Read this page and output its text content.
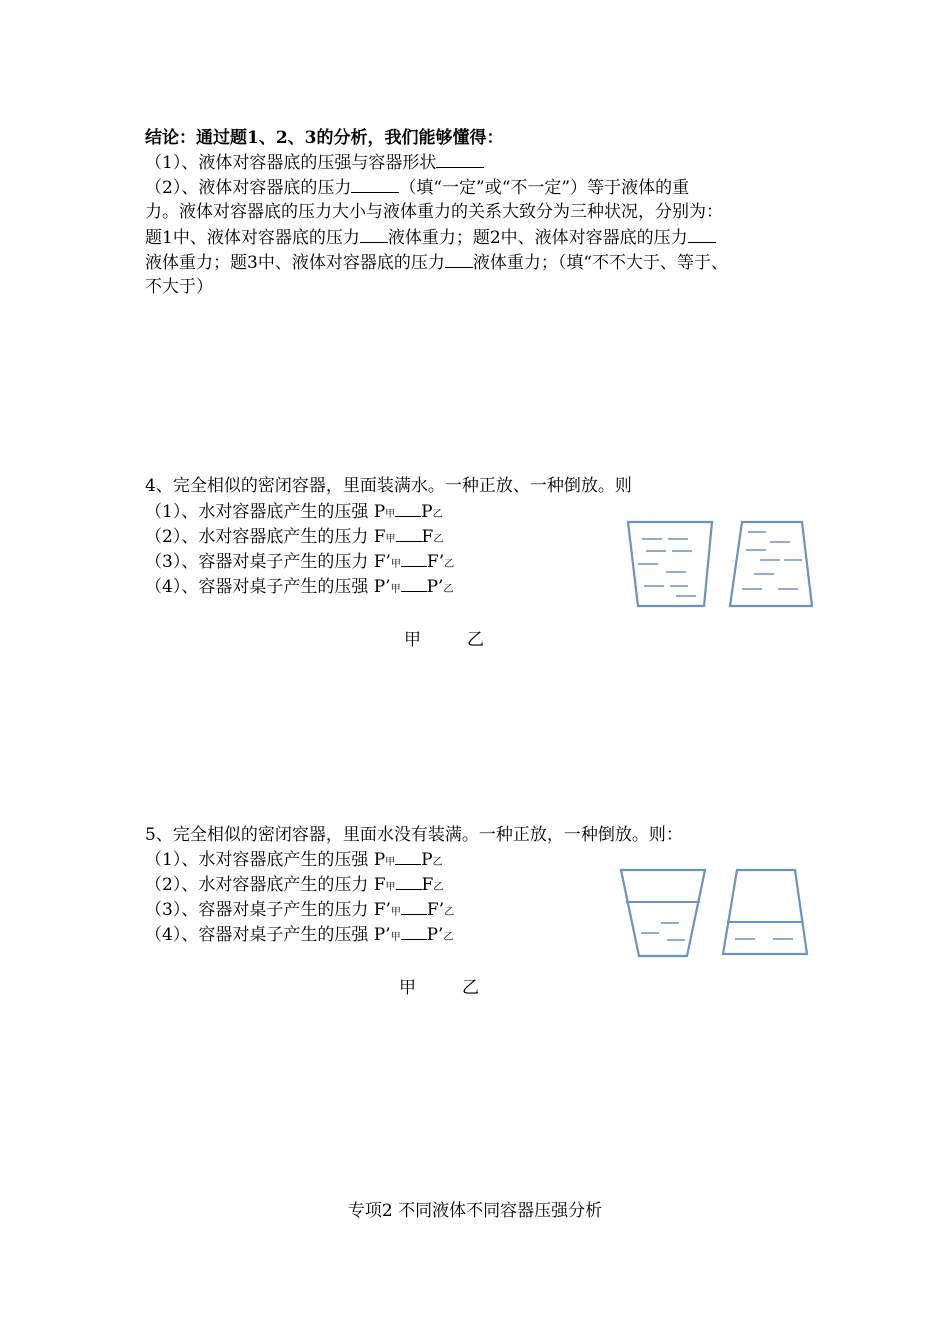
结论：通过题1、2、3的分析，我们能够懂得：
（1）、液体对容器底的压强与容器形状
（2）、液体对容器底的压力	（填“一定”或“不一定”）等于液体的重
力。液体对容器底的压力大小与液体重力的关系大致分为三种状况，分别为：
题1中、液体对容器底的压力 液体重力；题2中、液体对容器底的压力
液体重力；题3中、液体对容器底的压力 液体重力；（填“不不大于、等于、
不大于）
4、完全相似的密闭容器，里面装满水。一种正放、一种倒放。则
（1）、水对容器底产生的压强 P甲 P乙
（2）、水对容器底产生的压力 F甲 F乙
（3）、容器对桌子产生的压力 F’甲 F’乙
（4）、容器对桌子产生的压强 P’甲 P’乙
甲	乙
5、完全相似的密闭容器，里面水没有装满。一种正放，一种倒放。则：
（1）、水对容器底产生的压强 P甲 P乙
（2）、水对容器底产生的压力 F甲 F乙
（3）、容器对桌子产生的压力 F’甲 F’乙
（4）、容器对桌子产生的压强 P’甲 P’乙
甲	乙
专项2 不同液体不同容器压强分析
